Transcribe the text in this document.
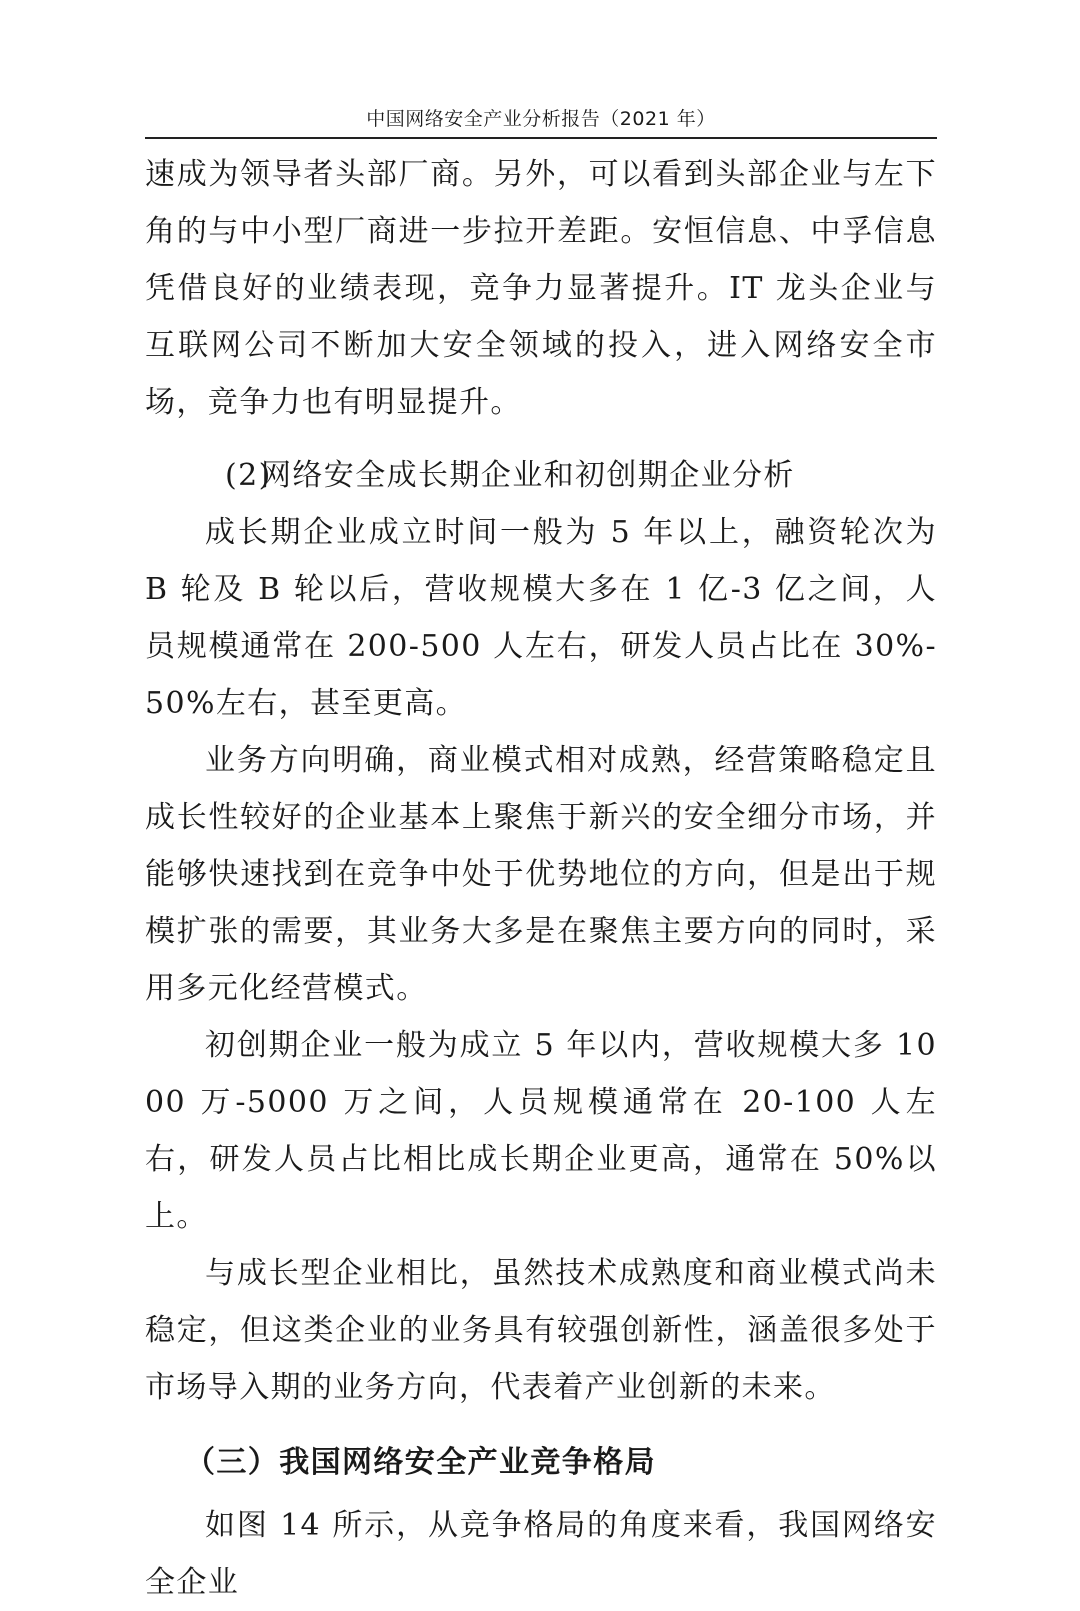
中国网络安全产业分析报告（2021 年）

速成为领导者头部厂商。另外，可以看到头部企业与左下角的与中小型厂商进一步拉开差距。安恒信息、中孚信息凭借良好的业绩表现，竞争力显著提升。IT 龙头企业与互联网公司不断加大安全领域的投入，进入网络安全市场，竞争力也有明显提升。

(2)网络安全成长期企业和初创期企业分析

成长期企业成立时间一般为 5 年以上，融资轮次为 B 轮及 B 轮以后，营收规模大多在 1 亿-3 亿之间，人员规模通常在 200-500 人左右，研发人员占比在 30%-50%左右，甚至更高。

业务方向明确，商业模式相对成熟，经营策略稳定且成长性较好的企业基本上聚焦于新兴的安全细分市场，并能够快速找到在竞争中处于优势地位的方向，但是出于规模扩张的需要，其业务大多是在聚焦主要方向的同时，采用多元化经营模式。

初创期企业一般为成立 5 年以内，营收规模大多 1000 万-5000 万之间，人员规模通常在 20-100 人左右，研发人员占比相比成长期企业更高，通常在 50%以上。

与成长型企业相比，虽然技术成熟度和商业模式尚未稳定，但这类企业的业务具有较强创新性，涵盖很多处于市场导入期的业务方向，代表着产业创新的未来。

（三）我国网络安全产业竞争格局

如图 14 所示，从竞争格局的角度来看，我国网络安全企业
